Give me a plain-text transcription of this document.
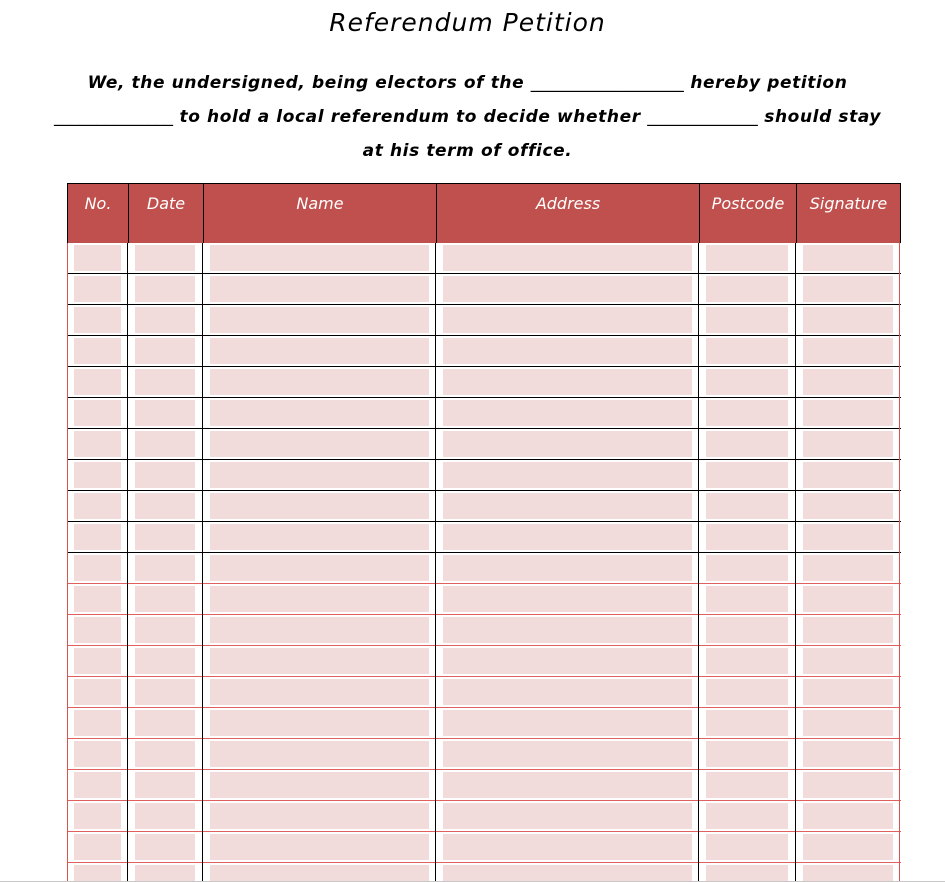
Referendum Petition
We, the undersigned, being electors of the __________________ hereby petition
______________ to hold a local referendum to decide whether _____________ should stay
at his term of office.
No.	Date	Name	Address	Postcode	Signature
